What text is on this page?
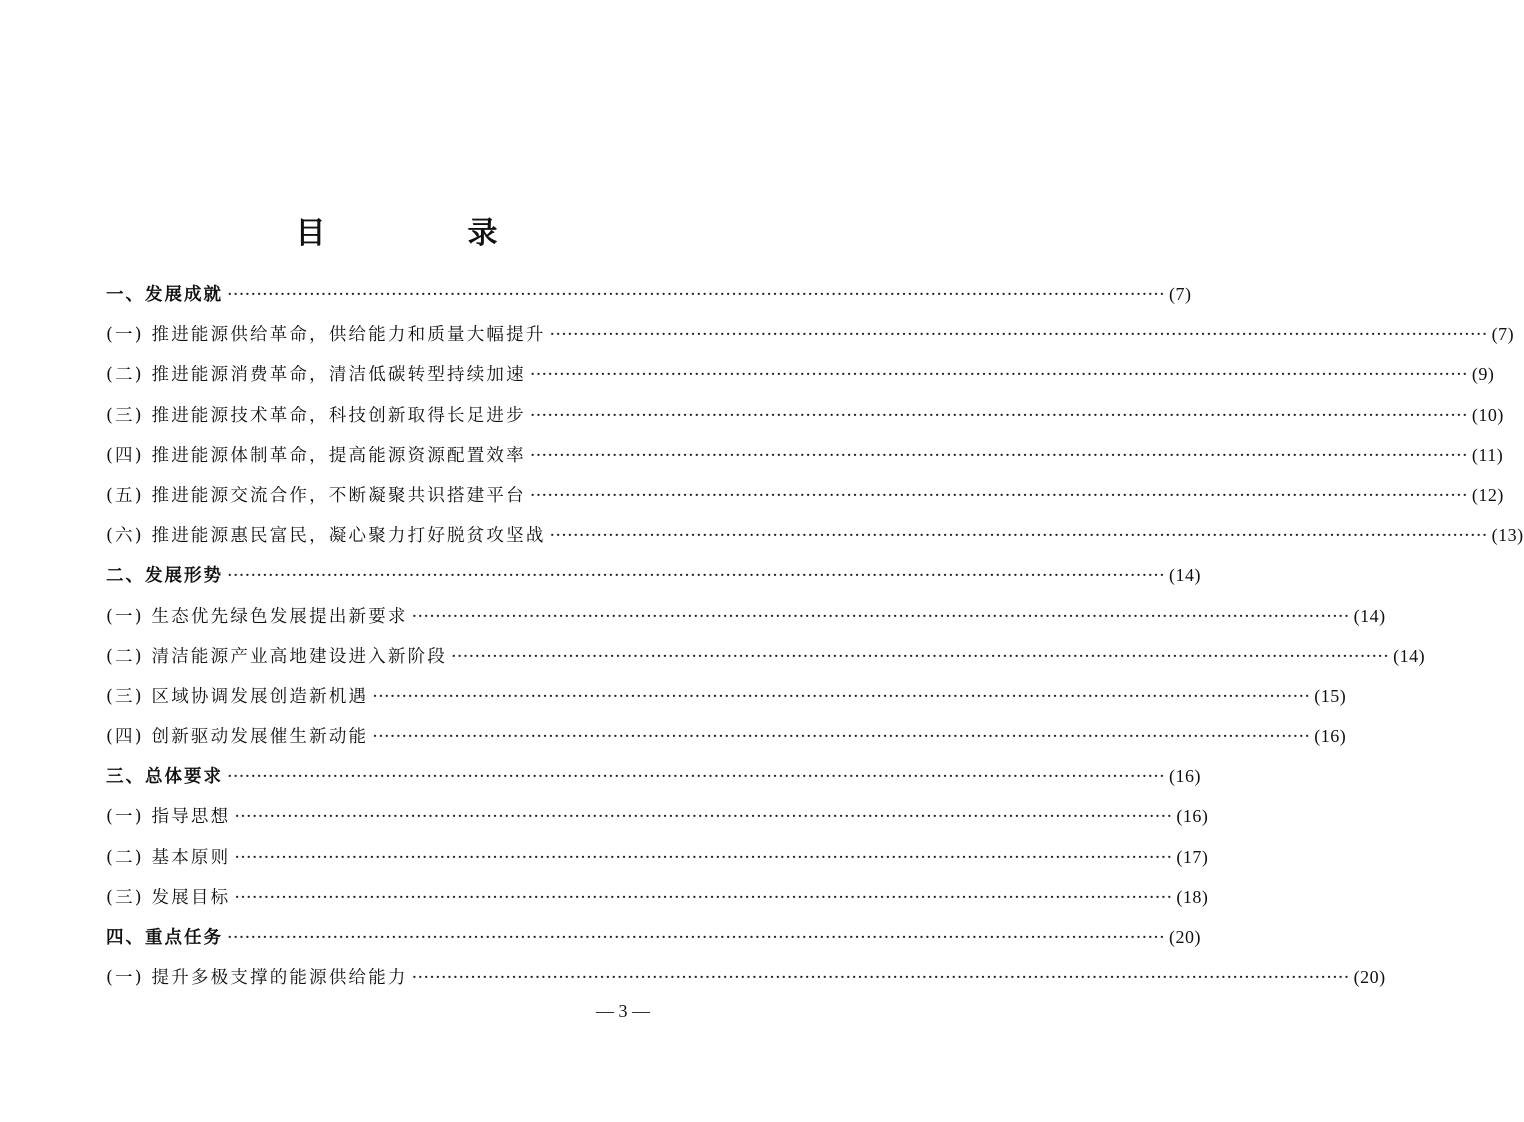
目　录
一、发展成就 ································································································································································ (7)
(一) 推进能源供给革命，供给能力和质量大幅提升 ································································································································································ (7)
(二) 推进能源消费革命，清洁低碳转型持续加速 ································································································································································ (9)
(三) 推进能源技术革命，科技创新取得长足进步 ································································································································································ (10)
(四) 推进能源体制革命，提高能源资源配置效率 ································································································································································ (11)
(五) 推进能源交流合作，不断凝聚共识搭建平台 ································································································································································ (12)
(六) 推进能源惠民富民，凝心聚力打好脱贫攻坚战 ································································································································································ (13)
二、发展形势 ································································································································································ (14)
(一) 生态优先绿色发展提出新要求 ································································································································································ (14)
(二) 清洁能源产业高地建设进入新阶段 ································································································································································ (14)
(三) 区域协调发展创造新机遇 ································································································································································ (15)
(四) 创新驱动发展催生新动能 ································································································································································ (16)
三、总体要求 ································································································································································ (16)
(一) 指导思想 ································································································································································ (16)
(二) 基本原则 ································································································································································ (17)
(三) 发展目标 ································································································································································ (18)
四、重点任务 ································································································································································ (20)
(一) 提升多极支撑的能源供给能力 ································································································································································ (20)
— 3 —
